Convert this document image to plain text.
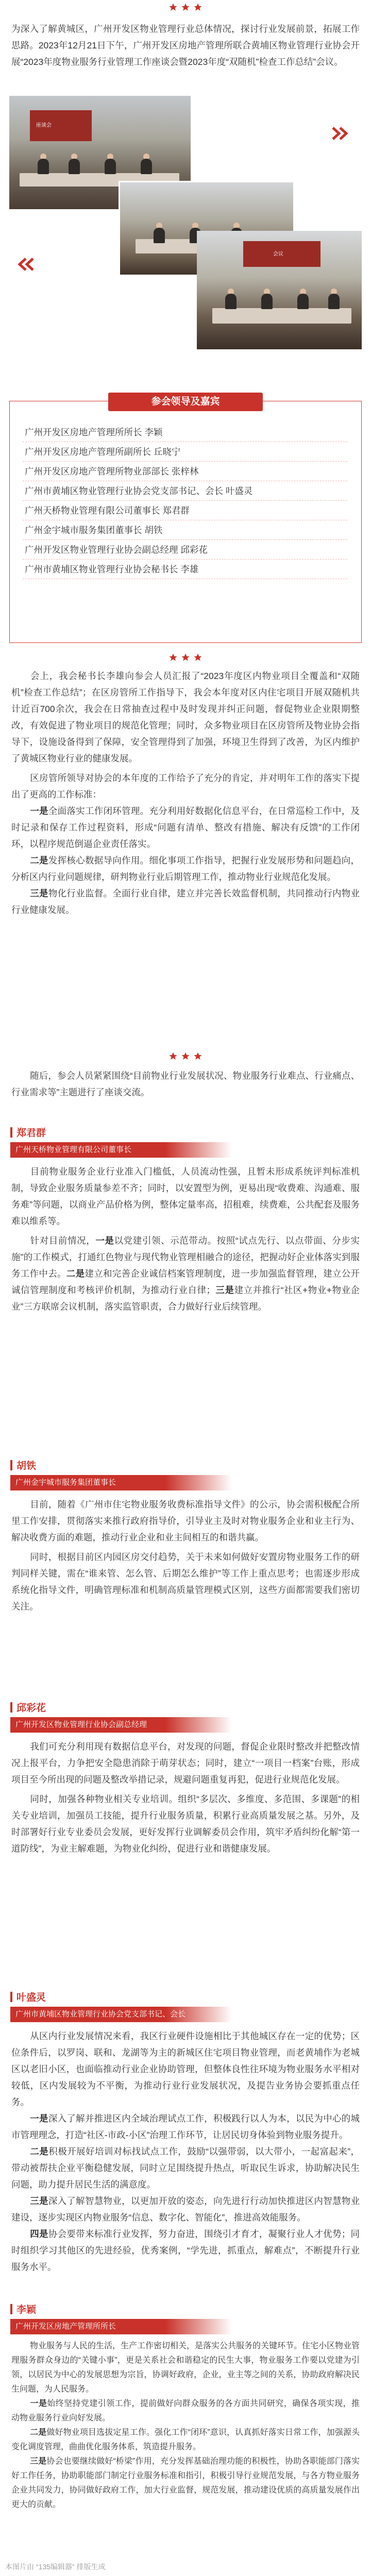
为深入了解黄城区，广州开发区物业管理行业总体情况，探讨行业发展前景，拓展工作思路。2023年12月21日下午，广州开发区房地产管理所联合黄埔区物业管理行业协会开展“2023年度物业服务行业管理工作座谈会暨2023年度“双随机”检查工作总结”会议。

座谈会
会议
参会领导及嘉宾
广州开发区房地产管理所所长 李颖
广州开发区房地产管理所副所长 丘晓宁
广州开发区房地产管理所物业部部长 张梓林
广州市黄埔区物业管理行业协会党支部书记、会长 叶盛灵
广州天桥物业管理有限公司董事长 郑君群
广州金宇城市服务集团董事长 胡铁
广州开发区物业管理行业协会副总经理 邱彩花
广州市黄埔区物业管理行业协会秘书长 李雄

会上，我会秘书长李雄向参会人员汇报了“2023年度区内物业项目全覆盖和“双随机”检查工作总结”；在区房管所工作指导下，我会本年度对区内住宅项目开展双随机共计近百700余次，我会在日常抽查过程中及时发现并纠正问题，督促物业企业限期整改，有效促进了物业项目的规范化管理；同时，众多物业项目在区房管所及物业协会指导下，设施设备得到了保障，安全管理得到了加强，环境卫生得到了改善，为区内维护了黄城区物业行业的健康发展。

区房管所领导对协会的本年度的工作给予了充分的肯定，并对明年工作的落实下提出了更高的工作标准：

一是全面落实工作闭环管理。充分利用好数据化信息平台，在日常巡检工作中，及时记录和保存工作过程资料，形成“问题有清单、整改有措施、解决有反馈”的工作闭环，以程序规范倒逼企业责任落实。

二是发挥核心数据导向作用。细化事项工作指导，把握行业发展形势和问题趋向，分析区内行业问题规律，研判物业行业后期管理工作，推动物业行业规范化发展。

三是物化行业监督。全面行业自律，建立并完善长效监督机制，共同推动行内物业行业健康发展。

随后，参会人员紧紧围绕“目前物业行业发展状况、物业服务行业难点、行业痛点、行业需求等”主题进行了座谈交流。

郑君群
广州天桥物业管理有限公司董事长

目前物业服务企业行业准入门槛低，人员流动性强，且暂未形成系统评判标准机制，导致企业服务质量参差不齐；同时，以安置型为例，更易出现“收费难、沟通难、服务难”等问题，以商业产品价格为例，整体定量率高，招租难，续费难，公共配套及服务难以维系等。

针对目前情况，一是以党建引领、示范带动。按照“试点先行、以点带面、分步实施”的工作模式，打通红色物业与现代物业管理相融合的途径，把握动好企业体落实到服务工作中去。二是建立和完善企业诚信档案管理制度，进一步加强监督管理，建立公开诚信管理制度和考核评价机制，为推动行业自律；三是建立并推行“社区+物业+物业企业”三方联席会议机制，落实监管职责，合力做好行业后续管理。

胡铁
广州金宇城市服务集团董事长

目前，随着《广州市住宅物业服务收费标准指导文件》的公示，协会需积极配合所里工作安排，贯彻落实来推行政府指导价，引导业主及时对物业服务企业和业主行为、解决收费方面的难题，推动行业企业和业主间相互的和谐共赢。

同时，根据目前区内园区房交付趋势，关于未来如何做好安置房物业服务工作的研判同样关键，需在“谁来管、怎么管、后期怎么维护”等工作上重点思考；也需逐步形成系统化指导文件，明确管理标准和机制高质量管理模式区别，这些方面都需要我们密切关注。

邱彩花
广州开发区物业管理行业协会副总经理

我们可充分利用现有数据信息平台，对发现的问题，督促企业限时整改并把整改情况上报平台，力争把安全隐患消除于萌芽状态；同时，建立“一项目一档案”台账，形成项目至今所出现的问题及整改举措记录，规避问题重复再犯，促进行业规范化发展。

同时，加强各种物业相关专业培训。组织“多层次、多维度、多范围、多课题”的相关专业培训，加强员工技能，提升行业服务质量，积累行业高质量发展之基。另外，及时部署好行业专业委员会发展，更好发挥行业调解委员会作用，筑牢矛盾纠纷化解“第一道防线”，为业主解难题，为物业化纠纷，促进行业和谐健康发展。

叶盛灵
广州市黄埔区物业管理行业协会党支部书记、会长

从区内行业发展情况来看，我区行业硬件设施相比于其他城区存在一定的优势；区位条件后，以罗岗、联和、龙湖等为主的新城区住宅项目物业管理，而老黄埔作为老城区以老旧小区，也面临推动行业企业协助管理，但整体良性往环境为物业服务水平相对较低，区内发展较为不平衡，为推动行业行业发展状况，及提告业务协会要抓重点任务。

一是深入了解并推进区内全域治理试点工作，积极践行以人为本，以民为中心的城市管理理念，打造“社区-市政-小区”治理工作环节，让居民切身体验到物业服务提升。

二是积极开展好培训对标找试点工作，鼓励“以强带弱，以大带小，一起富起来”，带动被帮扶企业平衡稳健发展，同时立足围绕提升热点，听取民生诉求，协助解决民生问题，助力提升居民生活的满意度。

三是深入了解智慧物业，以更加开放的姿态，向先进行行动加快推进区内智慧物业建设，逐步实现区内物业服务“信息、数字化、智能化”，推进高效能服务。

四是协会要带来标准行业发挥，努力奋进，围绕引才育才，凝聚行业人才优势；同时组织学习其他区的先进经验，优秀案例，“学先进，抓重点，解难点”，不断提升行业服务水平。

李颖
广州开发区房地产管理所所长

物业服务与人民的生活，生产工作密切相关，是落实公共服务的关键环节。住宅小区物业管理服务群众身边的“关键小事”，更是关系社会和谐稳定的民生大事，物业服务工作要以党建为引领，以居民为中心的发展思想为宗旨，协调好政府，企业，业主等之间的关系，协助政府解决民生问题，为人民服务。

一是始终坚持党建引领工作，提前做好向群众服务的各方面共同研究，确保各项实现，推动物业服务行业向好发展。

二是做好物业项目选拔定星工作。强化工作“闭环”意识，认真抓好落实日常工作，加强源头变化调度管理，曲曲优化服务体系，筑造提升服务。

三是协会也要继续做好“桥梁”作用，充分发挥基础治理功能的积极性，协助各职能部门落实好工作任务，协助职能部门制定行业服务标准和指引，积极引导行业规范发展，与各方物业服务企业共同发力，协同做好政府工作，加大行业监督，规范发展，推动建设优质的高质量发展作出更大的贡献。

本图片由 “135编辑器” 排版生成
